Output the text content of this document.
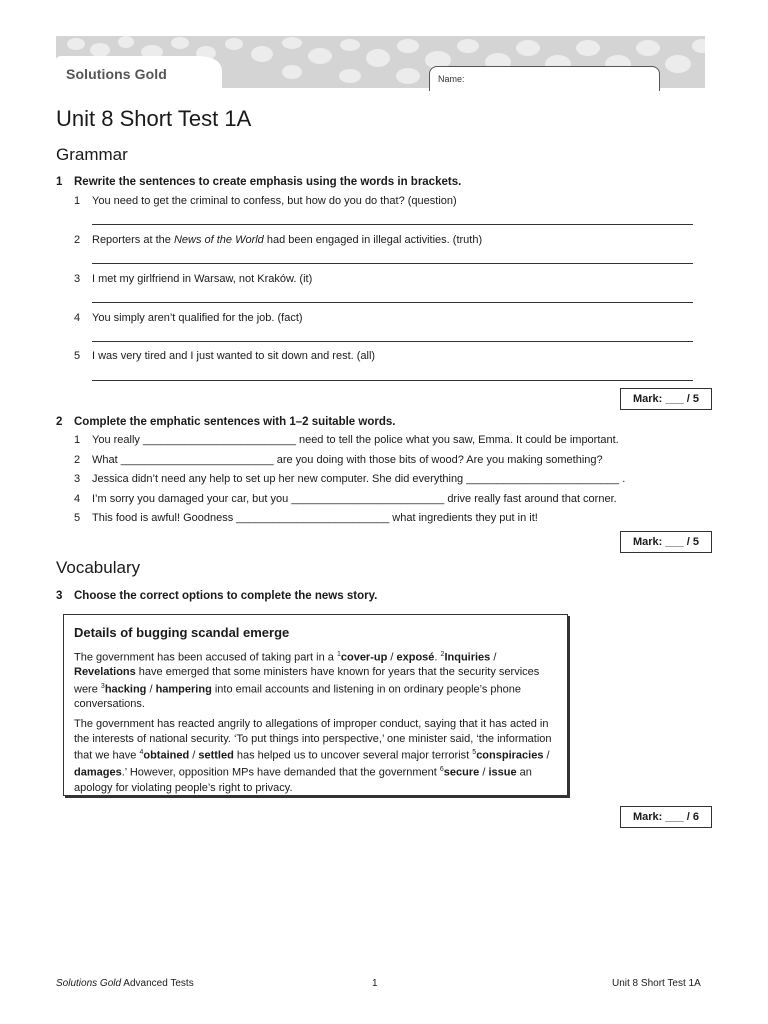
Solutions Gold	Name:
Unit 8 Short Test 1A
Grammar
1 Rewrite the sentences to create emphasis using the words in brackets.
1 You need to get the criminal to confess, but how do you do that? (question)
2 Reporters at the News of the World had been engaged in illegal activities. (truth)
3 I met my girlfriend in Warsaw, not Kraków. (it)
4 You simply aren’t qualified for the job. (fact)
5 I was very tired and I just wanted to sit down and rest. (all)
Mark: ___ / 5
2 Complete the emphatic sentences with 1–2 suitable words.
1 You really _________________________ need to tell the police what you saw, Emma. It could be important.
2 What _________________________ are you doing with those bits of wood? Are you making something?
3 Jessica didn’t need any help to set up her new computer. She did everything _________________________ .
4 I’m sorry you damaged your car, but you _________________________ drive really fast around that corner.
5 This food is awful! Goodness _________________________ what ingredients they put in it!
Mark: ___ / 5
Vocabulary
3 Choose the correct options to complete the news story.
Details of bugging scandal emerge

The government has been accused of taking part in a $^1$cover-up / exposé. $^2$Inquiries / Revelations have emerged that some ministers have known for years that the security services were $^3$hacking / hampering into email accounts and listening in on ordinary people’s phone conversations.

The government has reacted angrily to allegations of improper conduct, saying that it has acted in the interests of national security. ‘To put things into perspective,’ one minister said, ‘the information that we have $^4$obtained / settled has helped us to uncover several major terrorist $^5$conspiracies / damages.’ However, opposition MPs have demanded that the government $^6$secure / issue an apology for violating people’s right to privacy.

Mark: ___ / 6
Solutions Gold Advanced Tests	1	Unit 8 Short Test 1A
